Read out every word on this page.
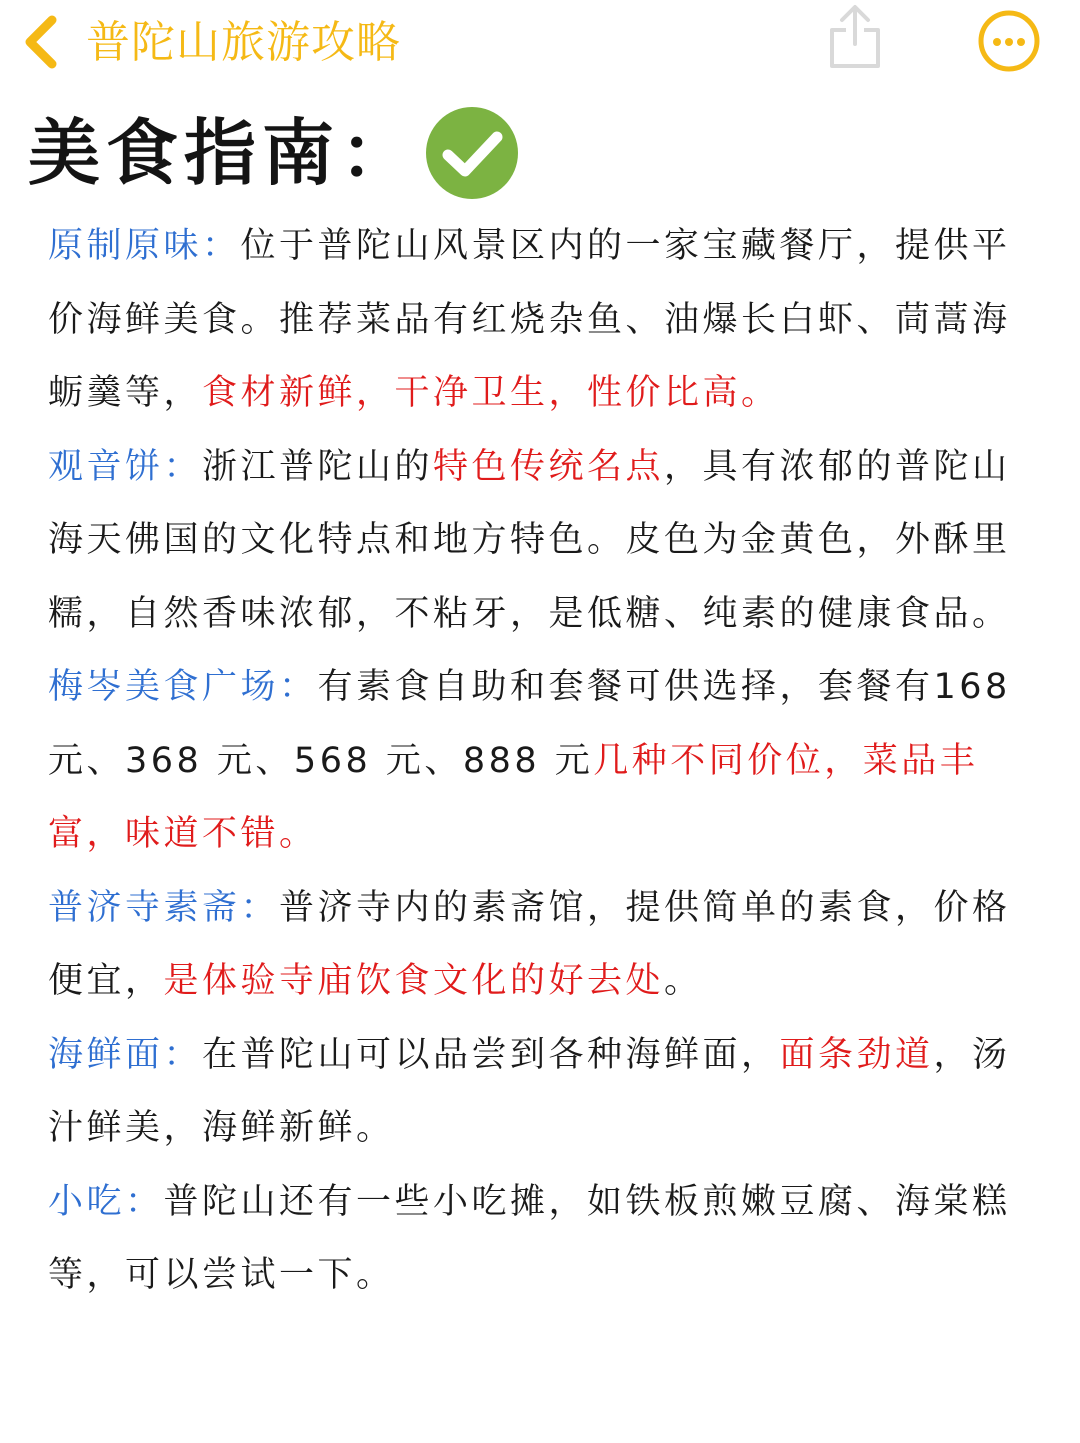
普陀山旅游攻略
美食指南：

原制原味：位于普陀山风景区内的一家宝藏餐厅，提供平价海鲜美食。推荐菜品有红烧杂鱼、油爆长白虾、茼蒿海蛎羹等，食材新鲜，干净卫生，性价比高。

观音饼：浙江普陀山的特色传统名点，具有浓郁的普陀山海天佛国的文化特点和地方特色。皮色为金黄色，外酥里糯，自然香味浓郁，不粘牙，是低糖、纯素的健康食品。

梅岑美食广场：有素食自助和套餐可供选择，套餐有168 元、368 元、568 元、888 元几种不同价位，菜品丰富，味道不错。

普济寺素斋：普济寺内的素斋馆，提供简单的素食，价格便宜，是体验寺庙饮食文化的好去处。

海鲜面：在普陀山可以品尝到各种海鲜面，面条劲道，汤汁鲜美，海鲜新鲜。

小吃：普陀山还有一些小吃摊，如铁板煎嫩豆腐、海棠糕等，可以尝试一下。
